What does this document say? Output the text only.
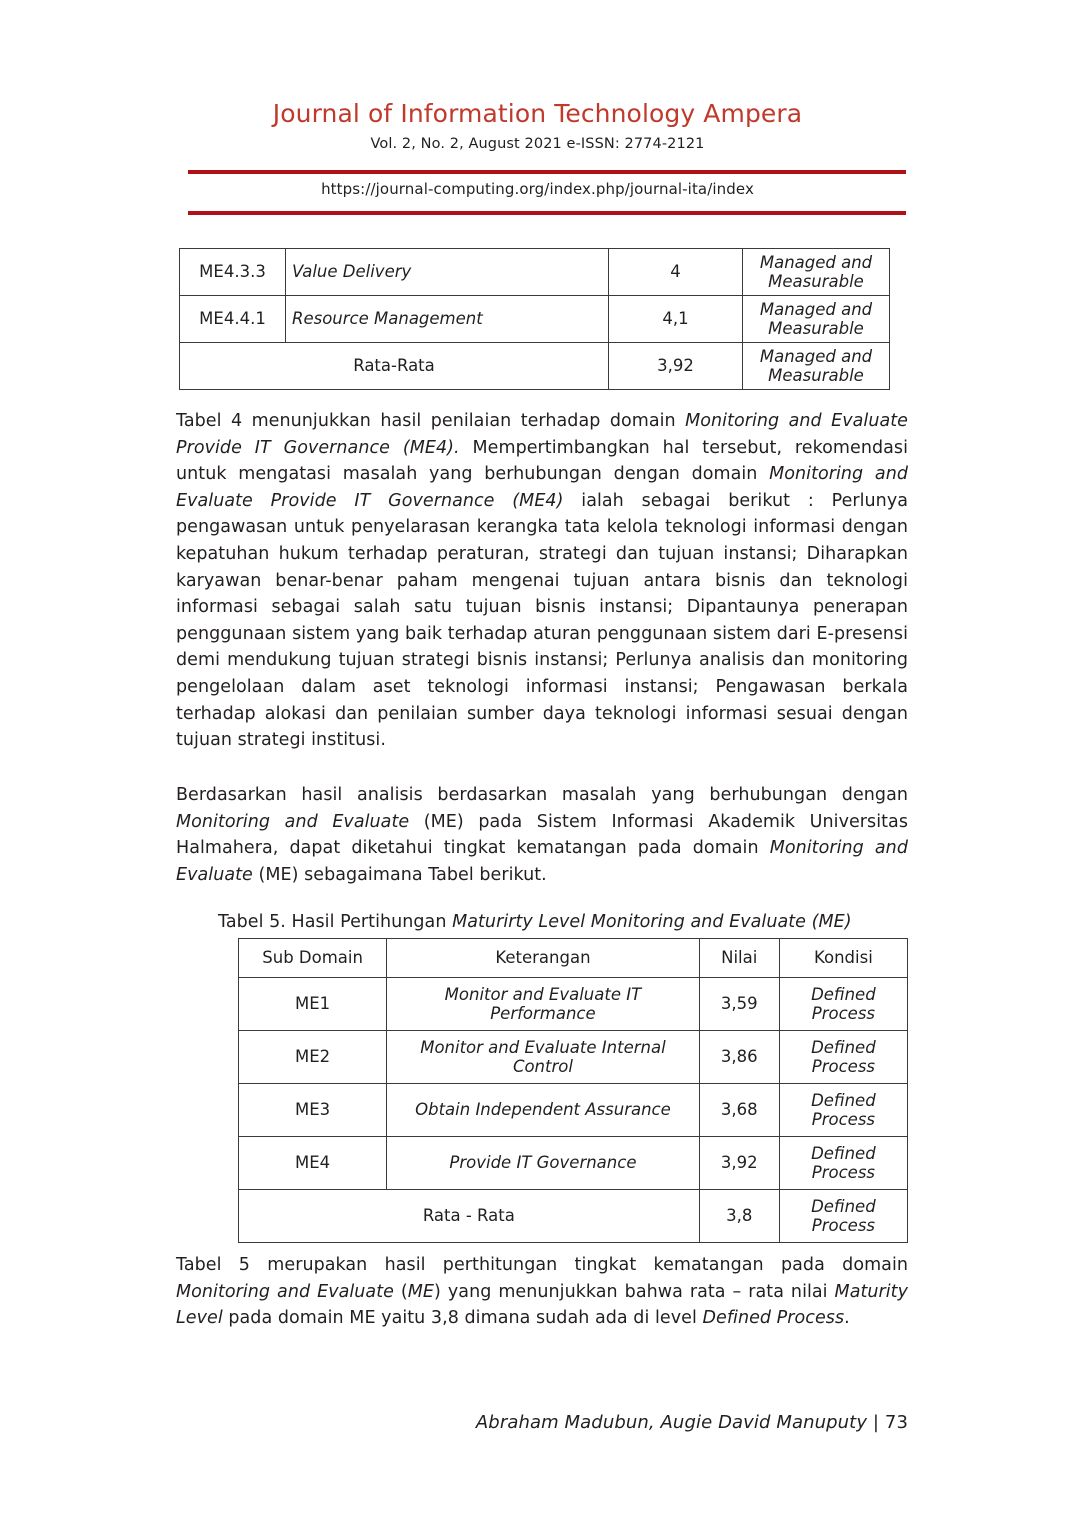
Journal of Information Technology Ampera
Vol. 2, No. 2, August 2021 e-ISSN: 2774-2121
https://journal-computing.org/index.php/journal-ita/index
ME4.3.3	Value Delivery	4	Managed and Measurable
ME4.4.1	Resource Management	4,1	Managed and Measurable
Rata-Rata		3,92	Managed and Measurable
Tabel 4 menunjukkan hasil penilaian terhadap domain Monitoring and Evaluate Provide IT Governance (ME4). Mempertimbangkan hal tersebut, rekomendasi untuk mengatasi masalah yang berhubungan dengan domain Monitoring and Evaluate Provide IT Governance (ME4) ialah sebagai berikut : Perlunya pengawasan untuk penyelarasan kerangka tata kelola teknologi informasi dengan kepatuhan hukum terhadap peraturan, strategi dan tujuan instansi; Diharapkan karyawan benar-benar paham mengenai tujuan antara bisnis dan teknologi informasi sebagai salah satu tujuan bisnis instansi; Dipantaunya penerapan penggunaan sistem yang baik terhadap aturan penggunaan sistem dari E-presensi demi mendukung tujuan strategi bisnis instansi; Perlunya analisis dan monitoring pengelolaan dalam aset teknologi informasi instansi; Pengawasan berkala terhadap alokasi dan penilaian sumber daya teknologi informasi sesuai dengan tujuan strategi institusi.
Berdasarkan hasil analisis berdasarkan masalah yang berhubungan dengan Monitoring and Evaluate (ME) pada Sistem Informasi Akademik Universitas Halmahera, dapat diketahui tingkat kematangan pada domain Monitoring and Evaluate (ME) sebagaimana Tabel berikut.
Tabel 5. Hasil Pertihungan Maturirty Level Monitoring and Evaluate (ME)
Sub Domain	Keterangan	Nilai	Kondisi
ME1	Monitor and Evaluate IT Performance	3,59	Defined Process
ME2	Monitor and Evaluate Internal Control	3,86	Defined Process
ME3	Obtain Independent Assurance	3,68	Defined Process
ME4	Provide IT Governance	3,92	Defined Process
Rata - Rata		3,8	Defined Process
Tabel 5 merupakan hasil perthitungan tingkat kematangan pada domain Monitoring and Evaluate (ME) yang menunjukkan bahwa rata – rata nilai Maturity Level pada domain ME yaitu 3,8 dimana sudah ada di level Defined Process.
Abraham Madubun, Augie David Manuputy | 73
